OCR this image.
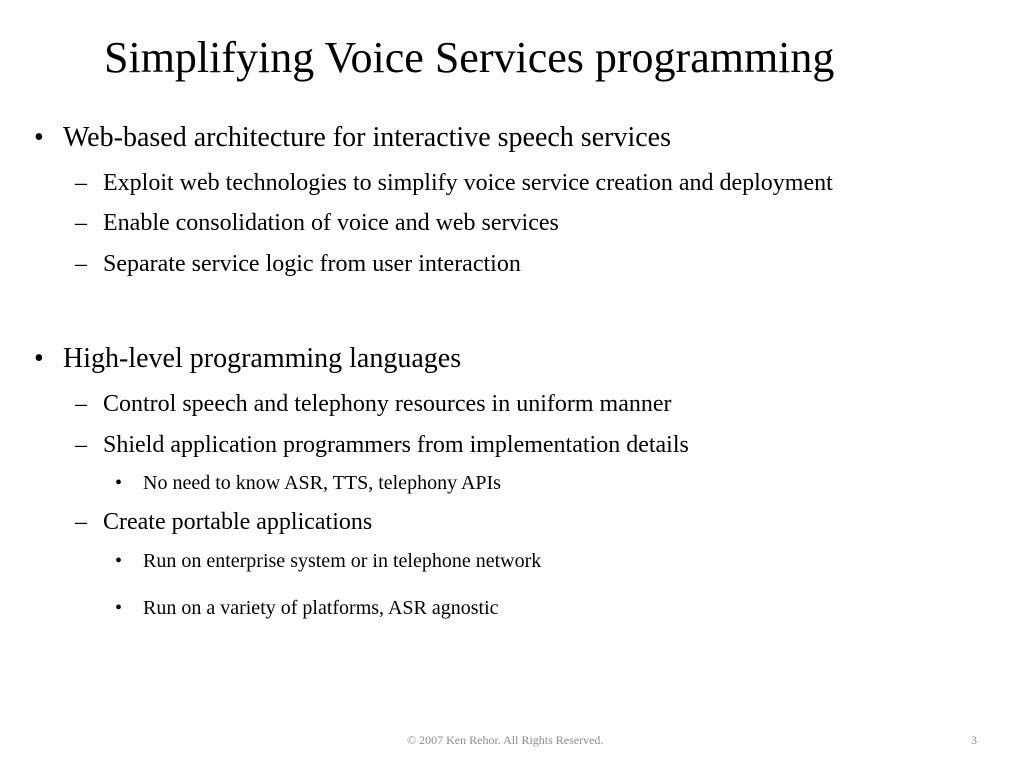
Simplifying Voice Services programming
• Web-based architecture for interactive speech services
– Exploit web technologies to simplify voice service creation and deployment
– Enable consolidation of voice and web services
– Separate service logic from user interaction
• High-level programming languages
– Control speech and telephony resources in uniform manner
– Shield application programmers from implementation details
• No need to know ASR, TTS, telephony APIs
– Create portable applications
• Run on enterprise system or in telephone network
• Run on a variety of platforms, ASR agnostic
© 2007 Ken Rehor. All Rights Reserved.	3
